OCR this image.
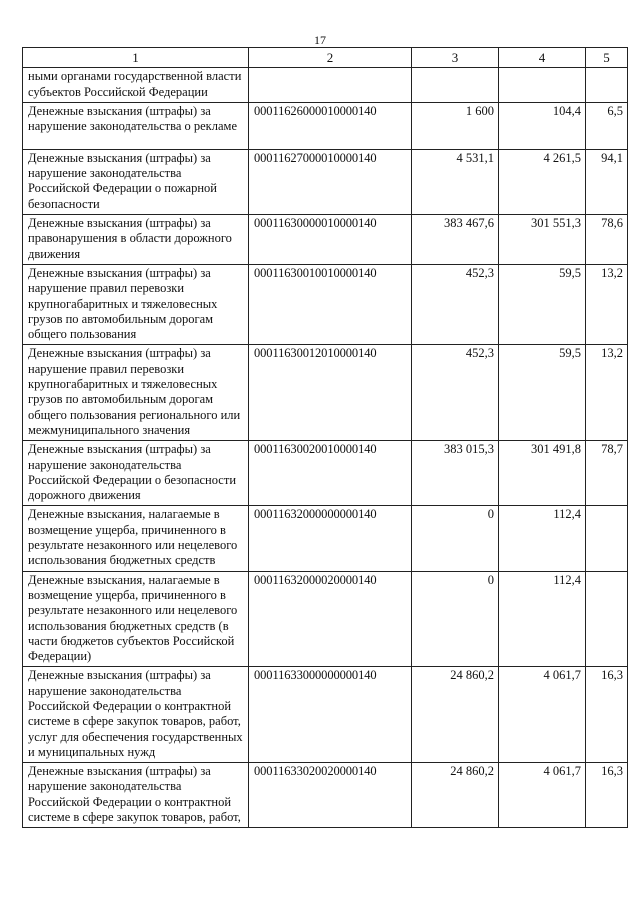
17
1	2	3	4	5
ными органами государственной власти субъектов Российской Федерации				
Денежные взыскания (штрафы) за нарушение законодательства о рекламе	00011626000010000140	1 600	104,4	6,5
Денежные взыскания (штрафы) за нарушение законодательства Российской Федерации о пожарной безопасности	00011627000010000140	4 531,1	4 261,5	94,1
Денежные взыскания (штрафы) за правонарушения в области дорожного движения	00011630000010000140	383 467,6	301 551,3	78,6
Денежные взыскания (штрафы) за нарушение правил перевозки крупногабаритных и тяжеловесных грузов по автомобильным дорогам общего пользования	00011630010010000140	452,3	59,5	13,2
Денежные взыскания (штрафы) за нарушение правил перевозки крупногабаритных и тяжеловесных грузов по автомобильным дорогам общего пользования регионального или межмуниципального значения	00011630012010000140	452,3	59,5	13,2
Денежные взыскания (штрафы) за нарушение законодательства Российской Федерации о безопасности дорожного движения	00011630020010000140	383 015,3	301 491,8	78,7
Денежные взыскания, налагаемые в возмещение ущерба, причиненного в результате незаконного или нецелевого использования бюджетных средств	00011632000000000140	0	112,4	
Денежные взыскания, налагаемые в возмещение ущерба, причиненного в результате незаконного или нецелевого использования бюджетных средств (в части бюджетов субъектов Российской Федерации)	00011632000020000140	0	112,4	
Денежные взыскания (штрафы) за нарушение законодательства Российской Федерации о контрактной системе в сфере закупок товаров, работ, услуг для обеспечения государственных и муниципальных нужд	00011633000000000140	24 860,2	4 061,7	16,3
Денежные взыскания (штрафы) за нарушение законодательства Российской Федерации о контрактной системе в сфере закупок товаров, работ,	00011633020020000140	24 860,2	4 061,7	16,3
